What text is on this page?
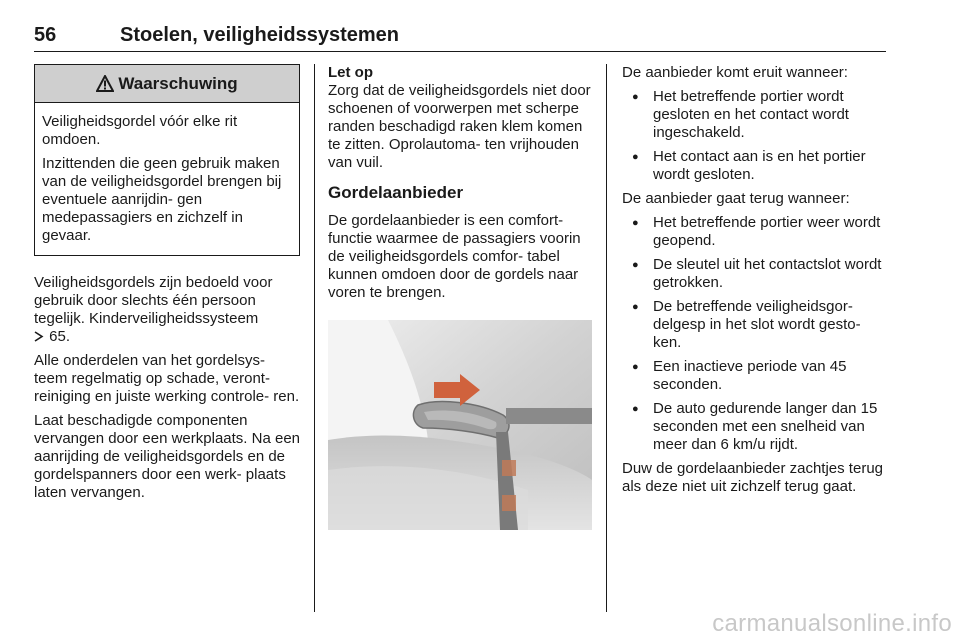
56	Stoelen, veiligheidssystemen
Waarschuwing

Veiligheidsgordel vóór elke rit omdoen.

Inzittenden die geen gebruik maken van de veiligheidsgordel brengen bij eventuele aanrijdin- gen medepassagiers en zichzelf in gevaar.

Veiligheidsgordels zijn bedoeld voor gebruik door slechts één persoon tegelijk. Kinderveiligheidssysteem
65.

Alle onderdelen van het gordelsys- teem regelmatig op schade, veront- reiniging en juiste werking controle- ren.

Laat beschadigde componenten vervangen door een werkplaats. Na een aanrijding de veiligheidsgordels en de gordelspanners door een werk- plaats laten vervangen.

Let op

Zorg dat de veiligheidsgordels niet door schoenen of voorwerpen met scherpe randen beschadigd raken klem komen te zitten. Oprolautoma- ten vrijhouden van vuil.

Gordelaanbieder

De gordelaanbieder is een comfort- functie waarmee de passagiers voorin de veiligheidsgordels comfor- tabel kunnen omdoen door de gordels naar voren te brengen.

De aanbieder komt eruit wanneer:

● Het betreffende portier wordt gesloten en het contact wordt ingeschakeld.
● Het contact aan is en het portier wordt gesloten.

De aanbieder gaat terug wanneer:

● Het betreffende portier weer wordt geopend.
● De sleutel uit het contactslot wordt getrokken.
● De betreffende veiligheidsgor- delgesp in het slot wordt gesto- ken.
● Een inactieve periode van 45 seconden.
● De auto gedurende langer dan 15 seconden met een snelheid van meer dan 6 km/u rijdt.

Duw de gordelaanbieder zachtjes terug als deze niet uit zichzelf terug gaat.

carmanualsonline.info
